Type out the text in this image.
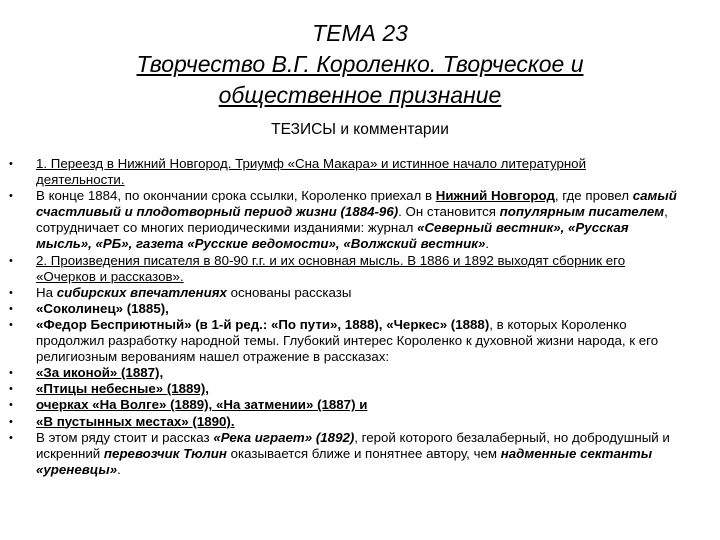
ТЕМА 23
Творчество В.Г. Короленко. Творческое и
общественное признание
ТЕЗИСЫ и комментарии
• 1. Переезд в Нижний Новгород. Триумф «Сна Макара» и истинное начало литературной деятельности.
• В конце 1884, по окончании срока ссылки, Короленко приехал в Нижний Новгород, где провел самый счастливый и плодотворный период жизни (1884-96). Он становится популярным писателем, сотрудничает со многих периодическими изданиями: журнал «Северный вестник», «Русская мысль», «РБ», газета «Русские ведомости», «Волжский вестник».
• 2. Произведения писателя в 80-90 г.г. и их основная мысль. В 1886 и 1892 выходят сборник его «Очерков и рассказов».
• На сибирских впечатлениях основаны рассказы
• «Соколинец» (1885),
• «Федор Бесприютный» (в 1-й ред.: «По пути», 1888), «Черкес» (1888), в которых Короленко продолжил разработку народной темы. Глубокий интерес Короленко к духовной жизни народа, к его религиозным верованиям нашел отражение в рассказах:
• «За иконой» (1887),
• «Птицы небесные» (1889),
• очерках «На Волге» (1889), «На затмении» (1887) и
• «В пустынных местах» (1890).
• В этом ряду стоит и рассказ «Река играет» (1892), герой которого безалаберный, но добродушный и искренний перевозчик Тюлин оказывается ближе и понятнее автору, чем надменные сектанты «уреневцы».
